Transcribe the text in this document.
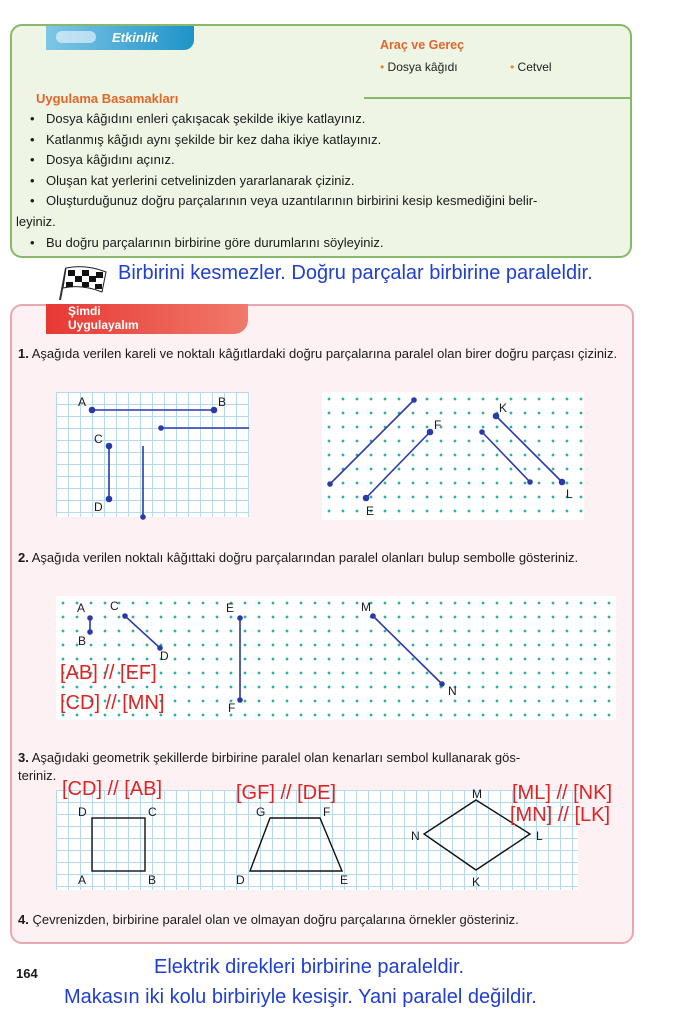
Etkinlik	Araç ve Gereç
• Dosya kâğıdı
•	Cetvel
Uygulama Basamakları
• Dosya kâğıdını enleri çakışacak şekilde ikiye katlayınız.
• Katlanmış kâğıdı aynı şekilde bir kez daha ikiye katlayınız.
• Dosya kâğıdını açınız.
• Oluşan kat yerlerini cetvelinizden yararlanarak çiziniz.
• Oluşturduğunuz doğru parçalarının veya uzantılarının birbirini kesip kesmediğini belir-
leyiniz.
• Bu doğru parçalarının birbirine göre durumlarını söyleyiniz.
Birbirini kesmezler. Doğru parçalar birbirine paraleldir.
Şimdi
Uygulayalım
1. Aşağıda verilen kareli ve noktalı kâğıtlardaki doğru parçalarına paralel olan birer doğru parçası çiziniz.
A	B
C
D
F
E
K
L
2. Aşağıda verilen noktalı kâğıttaki doğru parçalarından paralel olanları bulup sembolle gösteriniz.
A
B
C
D
E
F
M
N
[AB] // [EF]
[CD] // [MN]
3. Aşağıdaki geometrik şekillerde birbirine paralel olan kenarları sembol kullanarak gös-
teriniz.
D	C
A	B
G	F
D	E
M
N	L
K
[CD] // [AB]	[GF] // [DE]	[ML] // [NK]
[MN] // [LK]
4. Çevrenizden, birbirine paralel olan ve olmayan doğru parçalarına örnekler gösteriniz.
164	Elektrik direkleri birbirine paraleldir.
Makasın iki kolu birbiriyle kesişir. Yani paralel değildir.
